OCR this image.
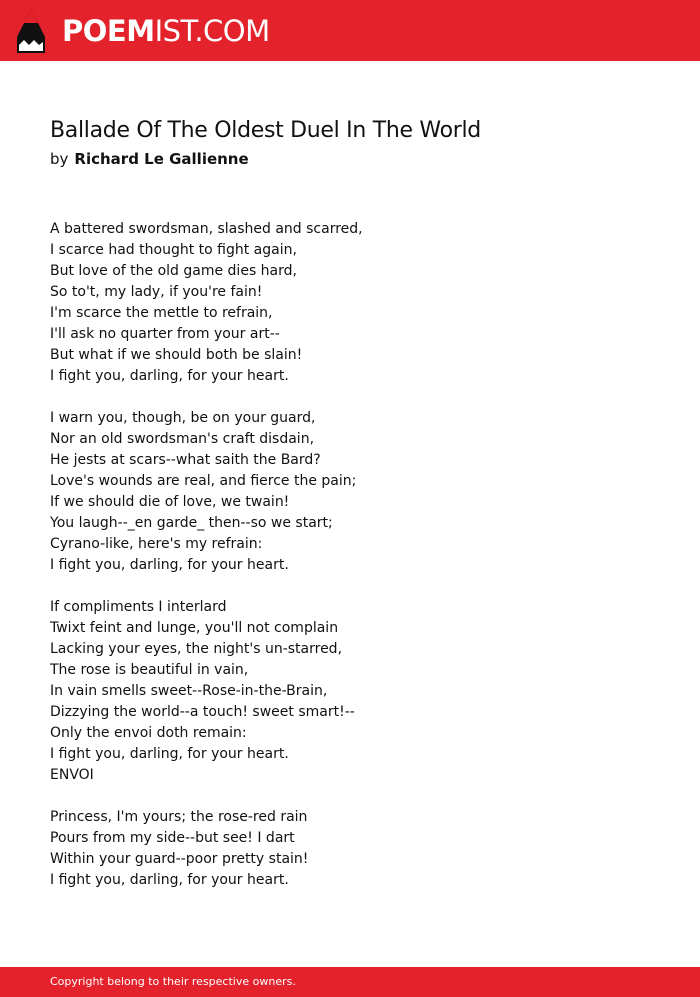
POEMIST.COM
Ballade Of The Oldest Duel In The World
by Richard Le Gallienne
A battered swordsman, slashed and scarred,
I scarce had thought to fight again,
But love of the old game dies hard,
So to't, my lady, if you're fain!
I'm scarce the mettle to refrain,
I'll ask no quarter from your art--
But what if we should both be slain!
I fight you, darling, for your heart.
I warn you, though, be on your guard,
Nor an old swordsman's craft disdain,
He jests at scars--what saith the Bard?
Love's wounds are real, and fierce the pain;
If we should die of love, we twain!
You laugh--_en garde_ then--so we start;
Cyrano-like, here's my refrain:
I fight you, darling, for your heart.
If compliments I interlard
Twixt feint and lunge, you'll not complain
Lacking your eyes, the night's un-starred,
The rose is beautiful in vain,
In vain smells sweet--Rose-in-the-Brain,
Dizzying the world--a touch! sweet smart!--
Only the envoi doth remain:
I fight you, darling, for your heart.
ENVOI
Princess, I'm yours; the rose-red rain
Pours from my side--but see! I dart
Within your guard--poor pretty stain!
I fight you, darling, for your heart.
Copyright belong to their respective owners.
